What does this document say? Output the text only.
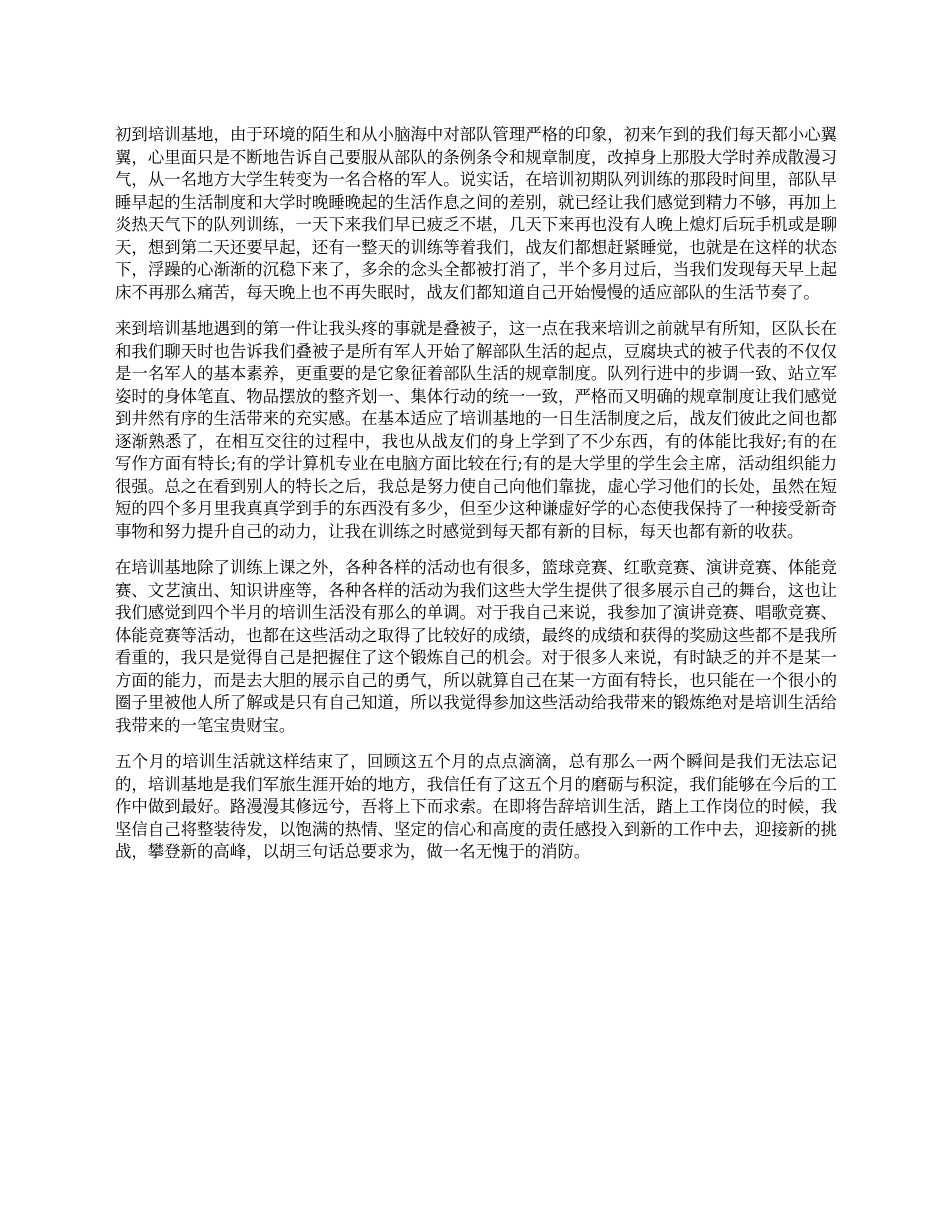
初到培训基地，由于环境的陌生和从小脑海中对部队管理严格的印象，初来乍到的我们每天都小心翼翼，心里面只是不断地告诉自己要服从部队的条例条令和规章制度，改掉身上那股大学时养成散漫习气，从一名地方大学生转变为一名合格的军人。说实话，在培训初期队列训练的那段时间里，部队早睡早起的生活制度和大学时晚睡晚起的生活作息之间的差别，就已经让我们感觉到精力不够，再加上炎热天气下的队列训练，一天下来我们早已疲乏不堪，几天下来再也没有人晚上熄灯后玩手机或是聊天，想到第二天还要早起，还有一整天的训练等着我们，战友们都想赶紧睡觉，也就是在这样的状态下，浮躁的心渐渐的沉稳下来了，多余的念头全都被打消了，半个多月过后，当我们发现每天早上起床不再那么痛苦，每天晚上也不再失眠时，战友们都知道自己开始慢慢的适应部队的生活节奏了。

来到培训基地遇到的第一件让我头疼的事就是叠被子，这一点在我来培训之前就早有所知，区队长在和我们聊天时也告诉我们叠被子是所有军人开始了解部队生活的起点，豆腐块式的被子代表的不仅仅是一名军人的基本素养，更重要的是它象征着部队生活的规章制度。队列行进中的步调一致、站立军姿时的身体笔直、物品摆放的整齐划一、集体行动的统一一致，严格而又明确的规章制度让我们感觉到井然有序的生活带来的充实感。在基本适应了培训基地的一日生活制度之后，战友们彼此之间也都逐渐熟悉了，在相互交往的过程中，我也从战友们的身上学到了不少东西，有的体能比我好;有的在写作方面有特长;有的学计算机专业在电脑方面比较在行;有的是大学里的学生会主席，活动组织能力很强。总之在看到别人的特长之后，我总是努力使自己向他们靠拢，虚心学习他们的长处，虽然在短短的四个多月里我真真学到手的东西没有多少，但至少这种谦虚好学的心态使我保持了一种接受新奇事物和努力提升自己的动力，让我在训练之时感觉到每天都有新的目标，每天也都有新的收获。

在培训基地除了训练上课之外，各种各样的活动也有很多，篮球竞赛、红歌竞赛、演讲竞赛、体能竞赛、文艺演出、知识讲座等，各种各样的活动为我们这些大学生提供了很多展示自己的舞台，这也让我们感觉到四个半月的培训生活没有那么的单调。对于我自己来说，我参加了演讲竞赛、唱歌竞赛、体能竞赛等活动，也都在这些活动之取得了比较好的成绩，最终的成绩和获得的奖励这些都不是我所看重的，我只是觉得自己是把握住了这个锻炼自己的机会。对于很多人来说，有时缺乏的并不是某一方面的能力，而是去大胆的展示自己的勇气，所以就算自己在某一方面有特长，也只能在一个很小的圈子里被他人所了解或是只有自己知道，所以我觉得参加这些活动给我带来的锻炼绝对是培训生活给我带来的一笔宝贵财宝。

五个月的培训生活就这样结束了，回顾这五个月的点点滴滴，总有那么一两个瞬间是我们无法忘记的，培训基地是我们军旅生涯开始的地方，我信任有了这五个月的磨砺与积淀，我们能够在今后的工作中做到最好。路漫漫其修远兮，吾将上下而求索。在即将告辞培训生活，踏上工作岗位的时候，我坚信自己将整装待发，以饱满的热情、坚定的信心和高度的责任感投入到新的工作中去，迎接新的挑战，攀登新的高峰，以胡三句话总要求为，做一名无愧于的消防。
